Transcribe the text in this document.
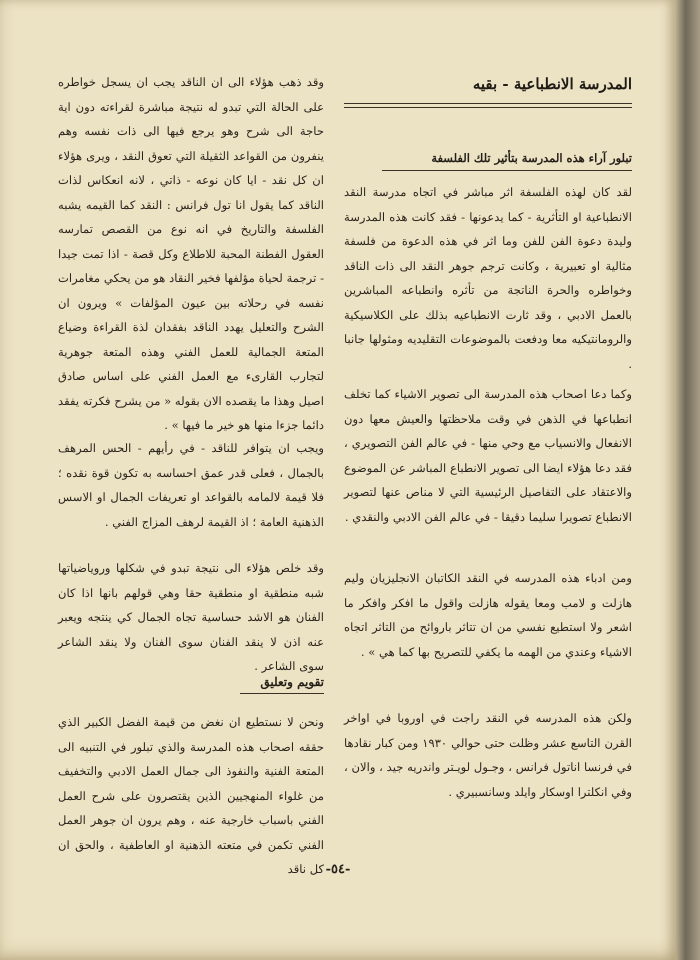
المدرسة الانطباعية - بقيه
تبلور آراء هذه المدرسة بتأثير تلك الفلسفة

لقد كان لهذه الفلسفة اثر مباشر في اتجاه مدرسة النقد الانطباعية او التأثرية - كما يدعونها - فقد كانت هذه المدرسة وليدة دعوة الفن للفن وما اثر في هذه الدعوة من فلسفة مثالية او تعبيرية ، وكانت ترجم جوهر النقد الى ذات الناقد وخواطره والحرة الناتجة من تأثره وانطباعه المباشرين بالعمل الادبي ، وقد ثارت الانطباعيه بذلك على الكلاسيكية والرومانتيكيه معا ودفعت بالموضوعات التقليديه ومثولها جانبا .

وكما دعا اصحاب هذه المدرسة الى تصوير الاشياء كما تخلف انطباعها في الذهن في وقت ملاحظتها والعيش معها دون الانفعال والانسياب مع وحي منها - في عالم الفن التصويري ، فقد دعا هؤلاء ايضا الى تصوير الانطباع المباشر عن الموضوع والاعتقاد على التفاصيل الرئيسية التي لا مناص عنها لتصوير الانطباع تصويرا سليما دقيقا - في عالم الفن الادبي والنقدي .

ومن ادباء هذه المدرسه في النقد الكاتبان الانجليزيان وليم هازلت و لامب ومعا يقوله هازلت واقول ما افكر وافكر ما اشعر ولا استطيع نفسي من ان تتاثر باروائح من التاثر اتجاه الاشياء وعندي من الهمه ما يكفي للتصريح بها كما هي » .

ولكن هذه المدرسه في النقد راجت في اوروبا في اواخر القرن التاسع عشر وظلت حتى حوالي ١٩٣٠ ومن كبار نقادها في فرنسا اناتول فرانس ، وجـول لويـتر واندريه جيد ، والان ، وفي انكلترا اوسكار وايلد وسانسبيري .

وقد ذهب هؤلاء الى ان الناقد يجب ان يسجل خواطره على الحالة التي تبدو له نتيجة مباشرة لقراءته دون اية حاجة الى شرح وهو يرجع فيها الى ذات نفسه وهم ينفرون من القواعد الثقيلة التي تعوق النقد ، ويرى هؤلاء ان كل نقد - ايا كان نوعه - ذاتي ، لانه انعكاس لذات الناقد كما يقول انا تول فرانس : النقد كما القيمه يشبه الفلسفة والتاريخ في انه نوع من القصص تمارسه العقول الفطنة المحبة للاطلاع وكل قصة - اذا تمت جيدا - ترجمة لحياة مؤلفها فخير النقاد هو من يحكي مغامرات نفسه في رحلاته بين عيون المؤلفات » ويرون ان الشرح والتعليل يهدد الناقد بفقدان لذة القراءة وضياع المتعة الجمالية للعمل الفني وهذه المتعة جوهرية لتجارب القارىء مع العمل الفني على اساس صادق اصيل وهذا ما يقصده الان بقوله « من يشرح فكرته يفقد دائما جزءا منها هو خير ما فيها » .

ويجب ان يتوافر للناقد - في رأيهم - الحس المرهف بالجمال ، فعلى قدر عمق احساسه به تكون قوة نقده ؛ فلا قيمة لالمامه بالقواعد او تعريفات الجمال او الاسس الذهنية العامة ؛ اذ القيمة لرهف المزاج الفني .

وقد خلص هؤلاء الى نتيجة تبدو في شكلها وروياضياتها شبه منطقية او منطقية حقا وهي قولهم بانها اذا كان الفنان هو الاشد حساسية تجاه الجمال كي ينتجه ويعبر عنه اذن لا ينقد الفنان سوى الفنان ولا ينقد الشاعر سوى الشاعر .

تقويم وتعليق

ونحن لا نستطيع ان نغض من قيمة الفضل الكبير الذي حققه اصحاب هذه المدرسة والذي تبلور في التنبيه الى المتعة الفنية والنفوذ الى جمال العمل الادبي والتخفيف من غلواء المنهجيين الذين يقتصرون على شرح العمل الفني باسباب خارجية عنه ، وهم يرون ان جوهر العمل الفني تكمن في متعته الذهنية او العاطفية ، والحق ان كل ناقد -٥٤-
